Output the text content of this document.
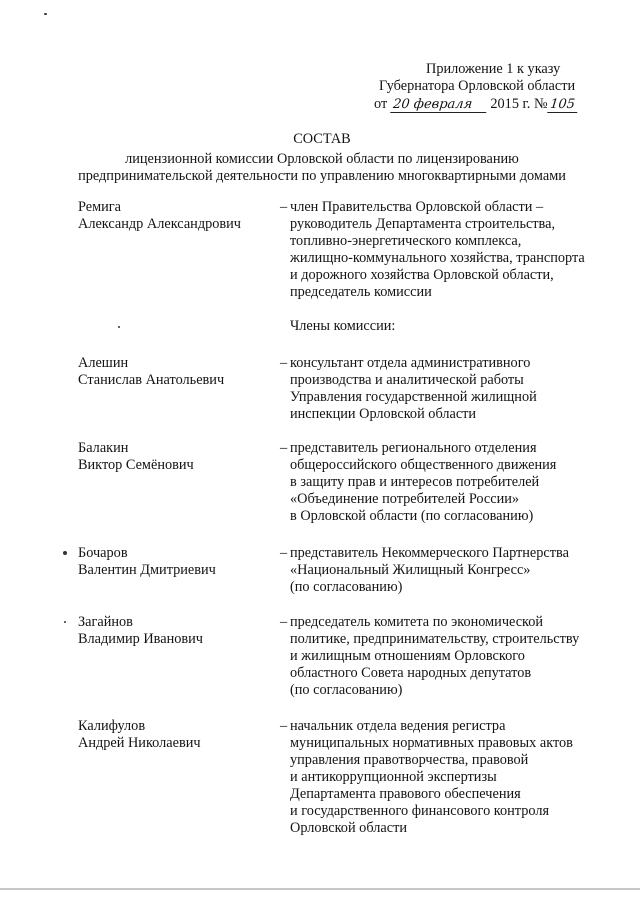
Приложение 1 к указу
Губернатора Орловской области
от 20 февраля 2015 г. №105
СОСТАВ
лицензионной комиссии Орловской области по лицензированию
предпринимательской деятельности по управлению многоквартирными домами
Ремига
Александр Александрович
– член Правительства Орловской области –
руководитель Департамента строительства,
топливно-энергетического комплекса,
жилищно-коммунального хозяйства, транспорта
и дорожного хозяйства Орловской области,
председатель комиссии
Члены комиссии:
Алешин
Станислав Анатольевич
– консультант отдела административного
производства и аналитической работы
Управления государственной жилищной
инспекции Орловской области
Балакин
Виктор Семёнович
– представитель регионального отделения
общероссийского общественного движения
в защиту прав и интересов потребителей
«Объединение потребителей России»
в Орловской области (по согласованию)
Бочаров
Валентин Дмитриевич
– представитель Некоммерческого Партнерства
«Национальный Жилищный Конгресс»
(по согласованию)
Загайнов
Владимир Иванович
– председатель комитета по экономической
политике, предпринимательству, строительству
и жилищным отношениям Орловского
областного Совета народных депутатов
(по согласованию)
Калифулов
Андрей Николаевич
– начальник отдела ведения регистра
муниципальных нормативных правовых актов
управления правотворчества, правовой
и антикоррупционной экспертизы
Департамента правового обеспечения
и государственного финансового контроля
Орловской области
